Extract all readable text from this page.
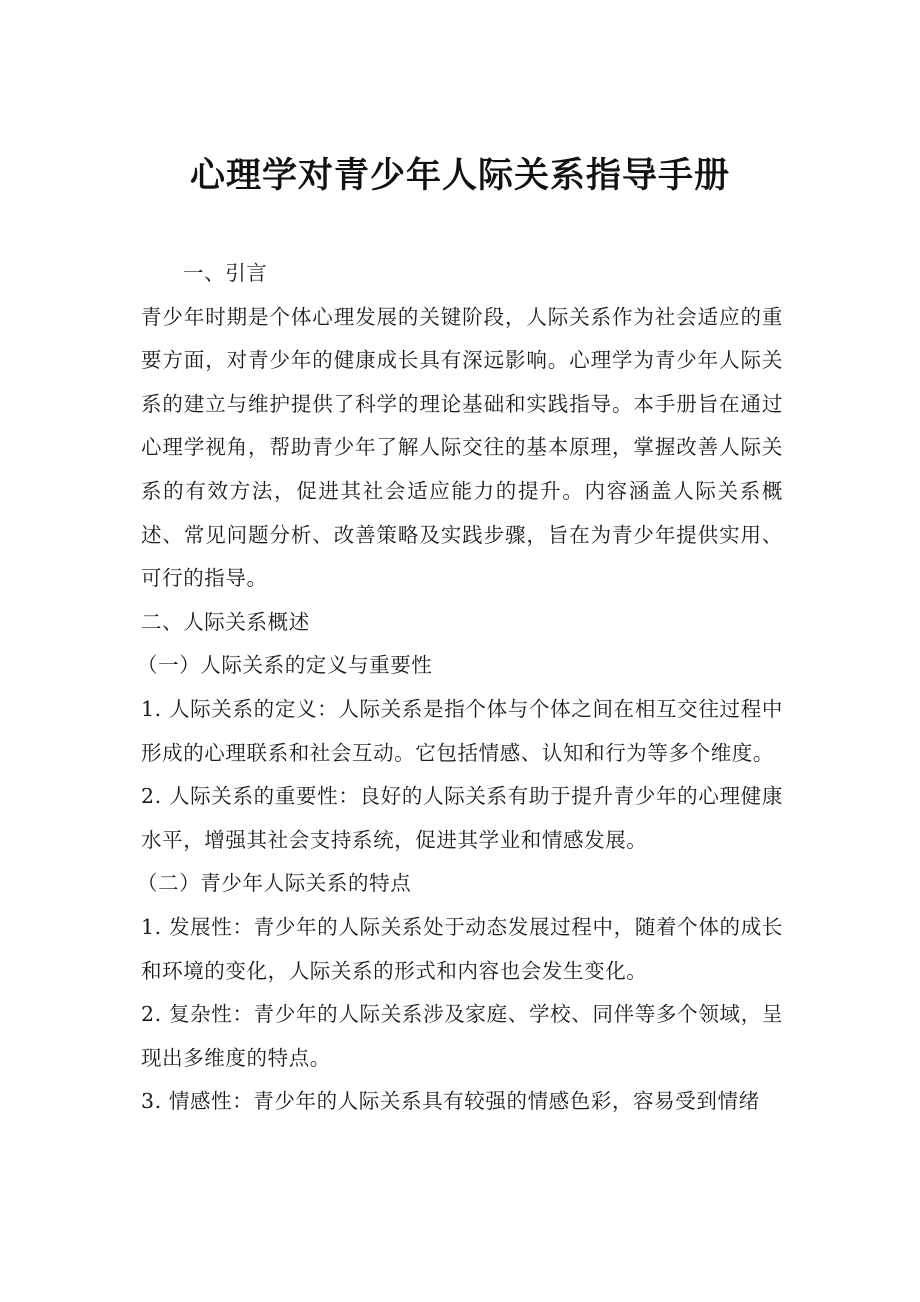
心理学对青少年人际关系指导手册

一、引言

青少年时期是个体心理发展的关键阶段，人际关系作为社会适应的重要方面，对青少年的健康成长具有深远影响。心理学为青少年人际关系的建立与维护提供了科学的理论基础和实践指导。本手册旨在通过心理学视角，帮助青少年了解人际交往的基本原理，掌握改善人际关系的有效方法，促进其社会适应能力的提升。内容涵盖人际关系概述、常见问题分析、改善策略及实践步骤，旨在为青少年提供实用、可行的指导。

二、人际关系概述

（一）人际关系的定义与重要性

1. 人际关系的定义：人际关系是指个体与个体之间在相互交往过程中形成的心理联系和社会互动。它包括情感、认知和行为等多个维度。

2. 人际关系的重要性：良好的人际关系有助于提升青少年的心理健康水平，增强其社会支持系统，促进其学业和情感发展。

（二）青少年人际关系的特点

1. 发展性：青少年的人际关系处于动态发展过程中，随着个体的成长和环境的变化，人际关系的形式和内容也会发生变化。

2. 复杂性：青少年的人际关系涉及家庭、学校、同伴等多个领域，呈现出多维度的特点。

3. 情感性：青少年的人际关系具有较强的情感色彩，容易受到情绪
